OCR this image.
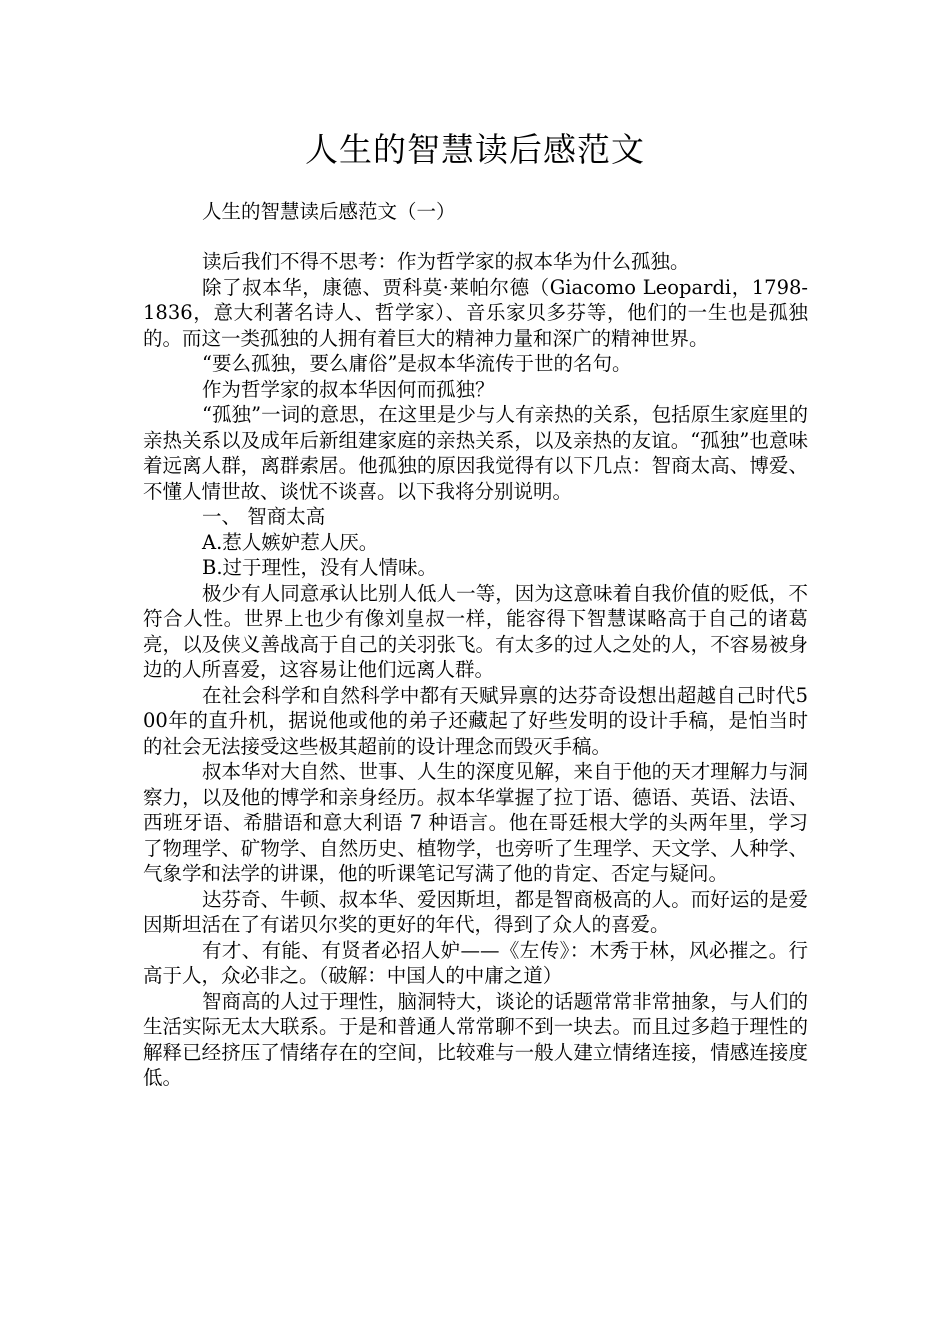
人生的智慧读后感范文
人生的智慧读后感范文（一）

读后我们不得不思考：作为哲学家的叔本华为什么孤独。

除了叔本华，康德、贾科莫·莱帕尔德（Giacomo Leopardi，1798-1836，意大利著名诗人、哲学家）、音乐家贝多芬等，他们的一生也是孤独的。而这一类孤独的人拥有着巨大的精神力量和深广的精神世界。

“要么孤独，要么庸俗”是叔本华流传于世的名句。

作为哲学家的叔本华因何而孤独？

“孤独”一词的意思，在这里是少与人有亲热的关系，包括原生家庭里的亲热关系以及成年后新组建家庭的亲热关系，以及亲热的友谊。“孤独”也意味着远离人群，离群索居。他孤独的原因我觉得有以下几点：智商太高、博爱、不懂人情世故、谈忧不谈喜。以下我将分别说明。

一、 智商太高

A.惹人嫉妒惹人厌。

B.过于理性，没有人情味。

极少有人同意承认比别人低人一等，因为这意味着自我价值的贬低，不符合人性。世界上也少有像刘皇叔一样，能容得下智慧谋略高于自己的诸葛亮，以及侠义善战高于自己的关羽张飞。有太多的过人之处的人，不容易被身边的人所喜爱，这容易让他们远离人群。

在社会科学和自然科学中都有天赋异禀的达芬奇设想出超越自己时代500年的直升机，据说他或他的弟子还藏起了好些发明的设计手稿，是怕当时的社会无法接受这些极其超前的设计理念而毁灭手稿。

叔本华对大自然、世事、人生的深度见解，来自于他的天才理解力与洞察力，以及他的博学和亲身经历。叔本华掌握了拉丁语、德语、英语、法语、西班牙语、希腊语和意大利语 7 种语言。他在哥廷根大学的头两年里，学习了物理学、矿物学、自然历史、植物学，也旁听了生理学、天文学、人种学、气象学和法学的讲课，他的听课笔记写满了他的肯定、否定与疑问。

达芬奇、牛顿、叔本华、爱因斯坦，都是智商极高的人。而好运的是爱因斯坦活在了有诺贝尔奖的更好的年代，得到了众人的喜爱。

有才、有能、有贤者必招人妒——《左传》：木秀于林，风必摧之。行高于人，众必非之。（破解：中国人的中庸之道）

智商高的人过于理性，脑洞特大，谈论的话题常常非常抽象，与人们的生活实际无太大联系。于是和普通人常常聊不到一块去。而且过多趋于理性的解释已经挤压了情绪存在的空间，比较难与一般人建立情绪连接，情感连接度低。
